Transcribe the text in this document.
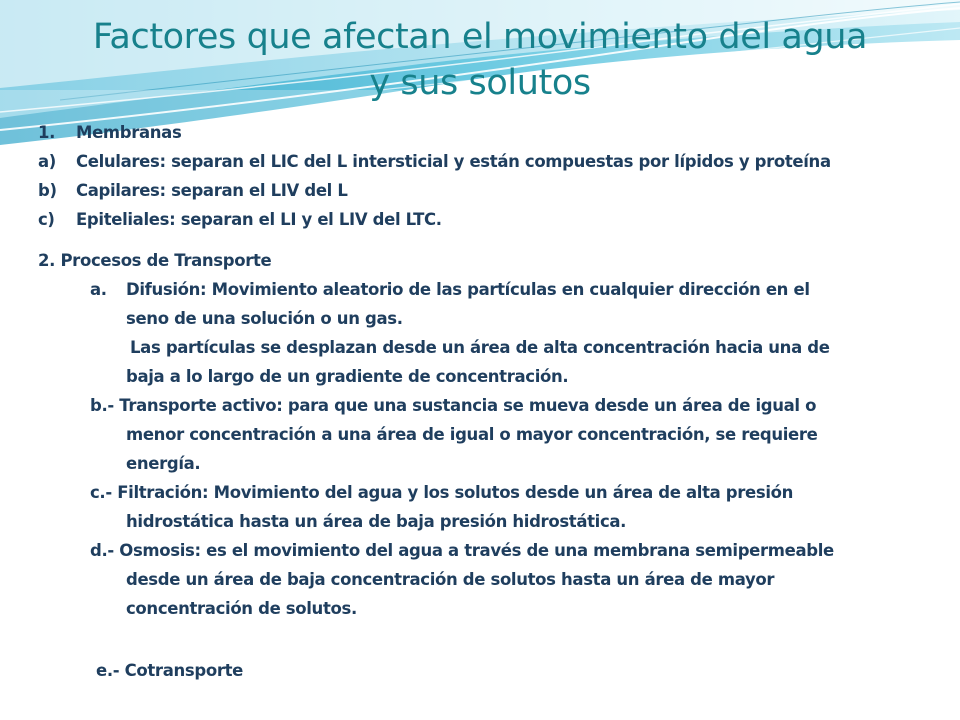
Factores que afectan el movimiento del agua
y sus solutos
1. Membranas
a) Celulares: separan el LIC del L intersticial y están compuestas por lípidos y proteína
b) Capilares: separan el LIV del L
c) Epiteliales: separan el LI y el LIV del LTC.
2. Procesos de Transporte
a. Difusión: Movimiento aleatorio de las partículas en cualquier dirección en el
seno de una solución o un gas.
Las partículas se desplazan desde un área de alta concentración hacia una de
baja a lo largo de un gradiente de concentración.
b.- Transporte activo: para que una sustancia se mueva desde un área de igual o
menor concentración a una área de igual o mayor concentración, se requiere
energía.
c.- Filtración: Movimiento del agua y los solutos desde un área de alta presión
hidrostática hasta un área de baja presión hidrostática.
d.- Osmosis: es el movimiento del agua a través de una membrana semipermeable
desde un área de baja concentración de solutos hasta un área de mayor
concentración de solutos.
e.- Cotransporte
